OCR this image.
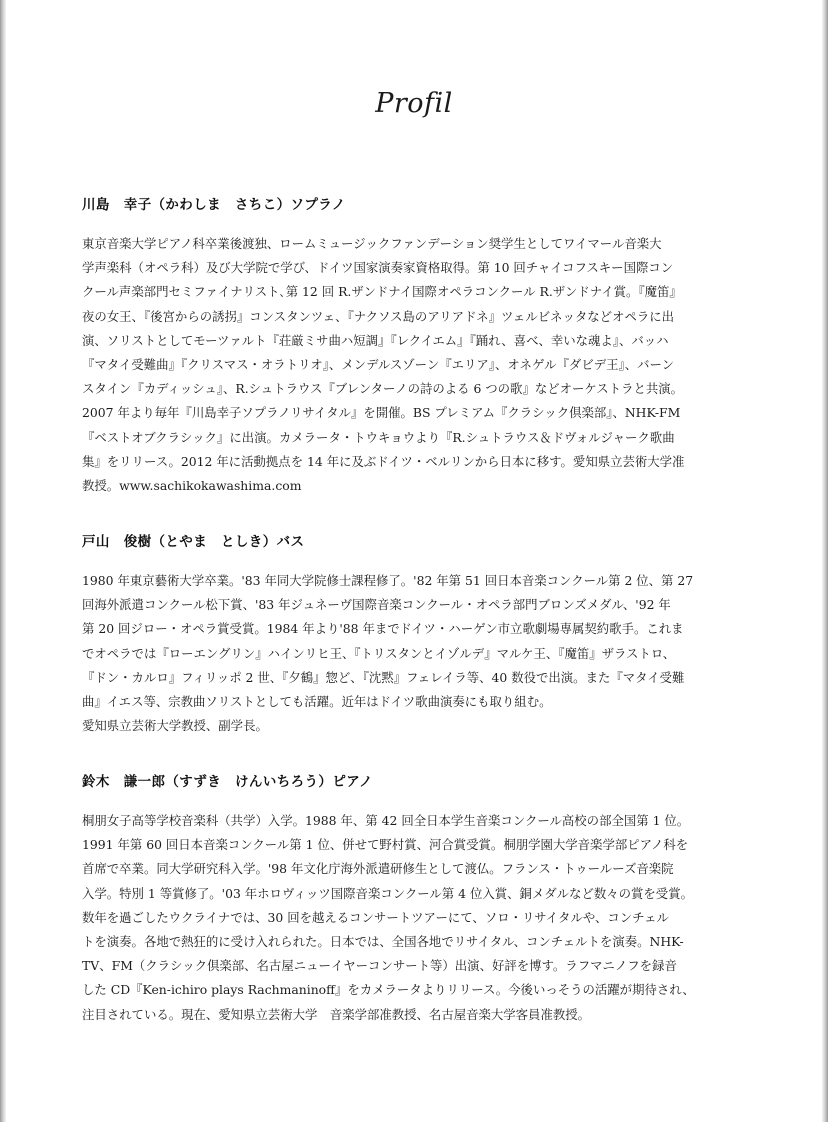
Profil
川島　幸子（かわしま　さちこ）ソプラノ
東京音楽大学ピアノ科卒業後渡独、ロームミュージックファンデーション奨学生としてワイマール音楽大
学声楽科（オペラ科）及び大学院で学び、ドイツ国家演奏家資格取得。第 10 回チャイコフスキー国際コン
クール声楽部門セミファイナリスト､第 12 回 R.ザンドナイ国際オペラコンクール R.ザンドナイ賞｡『魔笛』
夜の女王、『後宮からの誘拐』コンスタンツェ、『ナクソス島のアリアドネ』ツェルビネッタなどオペラに出
演、ソリストとしてモーツァルト『荘厳ミサ曲ハ短調』『レクイエム』『踊れ、喜べ、幸いな魂よ』、バッハ
『マタイ受難曲』『クリスマス・オラトリオ』、メンデルスゾーン『エリア』、オネゲル『ダビデ王』、バーン
スタイン『カディッシュ』、R.シュトラウス『ブレンターノの詩のよる 6 つの歌』などオーケストラと共演。
2007 年より毎年『川島幸子ソプラノリサイタル』を開催。BS プレミアム『クラシック倶楽部』、NHK-FM
『ベストオブクラシック』に出演。カメラータ・トウキョウより『R.シュトラウス＆ドヴォルジャーク歌曲
集』をリリース。2012 年に活動拠点を 14 年に及ぶドイツ・ベルリンから日本に移す。愛知県立芸術大学准
教授。www.sachikokawashima.com
戸山　俊樹（とやま　としき）バス
1980 年東京藝術大学卒業。'83 年同大学院修士課程修了。'82 年第 51 回日本音楽コンクール第 2 位、第 27
回海外派遣コンクール松下賞、'83 年ジュネーヴ国際音楽コンクール・オペラ部門ブロンズメダル、'92 年
第 20 回ジロー・オペラ賞受賞。1984 年より'88 年までドイツ・ハーゲン市立歌劇場専属契約歌手。これま
でオペラでは『ローエングリン』ハインリヒ王、『トリスタンとイゾルデ』マルケ王、『魔笛』ザラストロ、
『ドン・カルロ』フィリッポ 2 世、『夕鶴』惣ど、『沈黙』フェレイラ等、40 数役で出演。また『マタイ受難
曲』イエス等、宗教曲ソリストとしても活躍。近年はドイツ歌曲演奏にも取り組む。
愛知県立芸術大学教授、副学長。
鈴木　謙一郎（すずき　けんいちろう）ピアノ
桐朋女子高等学校音楽科（共学）入学。1988 年、第 42 回全日本学生音楽コンクール高校の部全国第 1 位。
1991 年第 60 回日本音楽コンクール第 1 位、併せて野村賞、河合賞受賞。桐朋学園大学音楽学部ピアノ科を
首席で卒業。同大学研究科入学。'98 年文化庁海外派遣研修生として渡仏。フランス・トゥールーズ音楽院
入学。特別 1 等賞修了。'03 年ホロヴィッツ国際音楽コンクール第 4 位入賞、銅メダルなど数々の賞を受賞。
数年を過ごしたウクライナでは、30 回を越えるコンサートツアーにて、ソロ・リサイタルや、コンチェル
トを演奏。各地で熱狂的に受け入れられた。日本では、全国各地でリサイタル、コンチェルトを演奏。NHK-
TV、FM（クラシック倶楽部、名古屋ニューイヤーコンサート等）出演、好評を博す。ラフマニノフを録音
した CD『Ken-ichiro plays Rachmaninoff』をカメラータよりリリース。今後いっそうの活躍が期待され、
注目されている。現在、愛知県立芸術大学　音楽学部准教授、名古屋音楽大学客員准教授。
